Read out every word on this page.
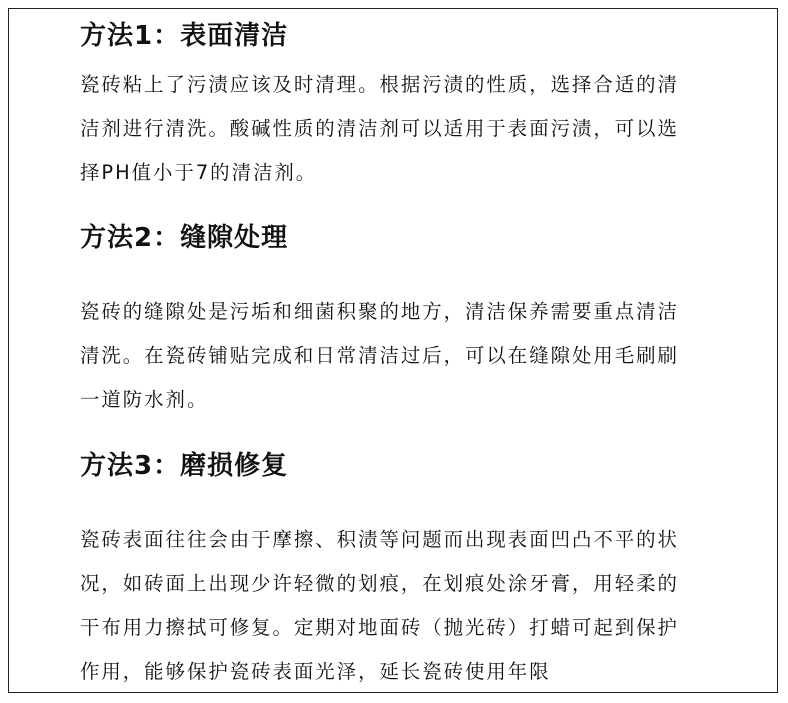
方法1：表面清洁

瓷砖粘上了污渍应该及时清理。根据污渍的性质，选择合适的清
洁剂进行清洗。酸碱性质的清洁剂可以适用于表面污渍，可以选
择PH值小于7的清洁剂。

方法2：缝隙处理

瓷砖的缝隙处是污垢和细菌积聚的地方，清洁保养需要重点清洁
清洗。在瓷砖铺贴完成和日常清洁过后，可以在缝隙处用毛刷刷
一道防水剂。

方法3：磨损修复

瓷砖表面往往会由于摩擦、积渍等问题而出现表面凹凸不平的状
况，如砖面上出现少许轻微的划痕，在划痕处涂牙膏，用轻柔的
干布用力擦拭可修复。定期对地面砖（抛光砖）打蜡可起到保护
作用，能够保护瓷砖表面光泽，延长瓷砖使用年限
